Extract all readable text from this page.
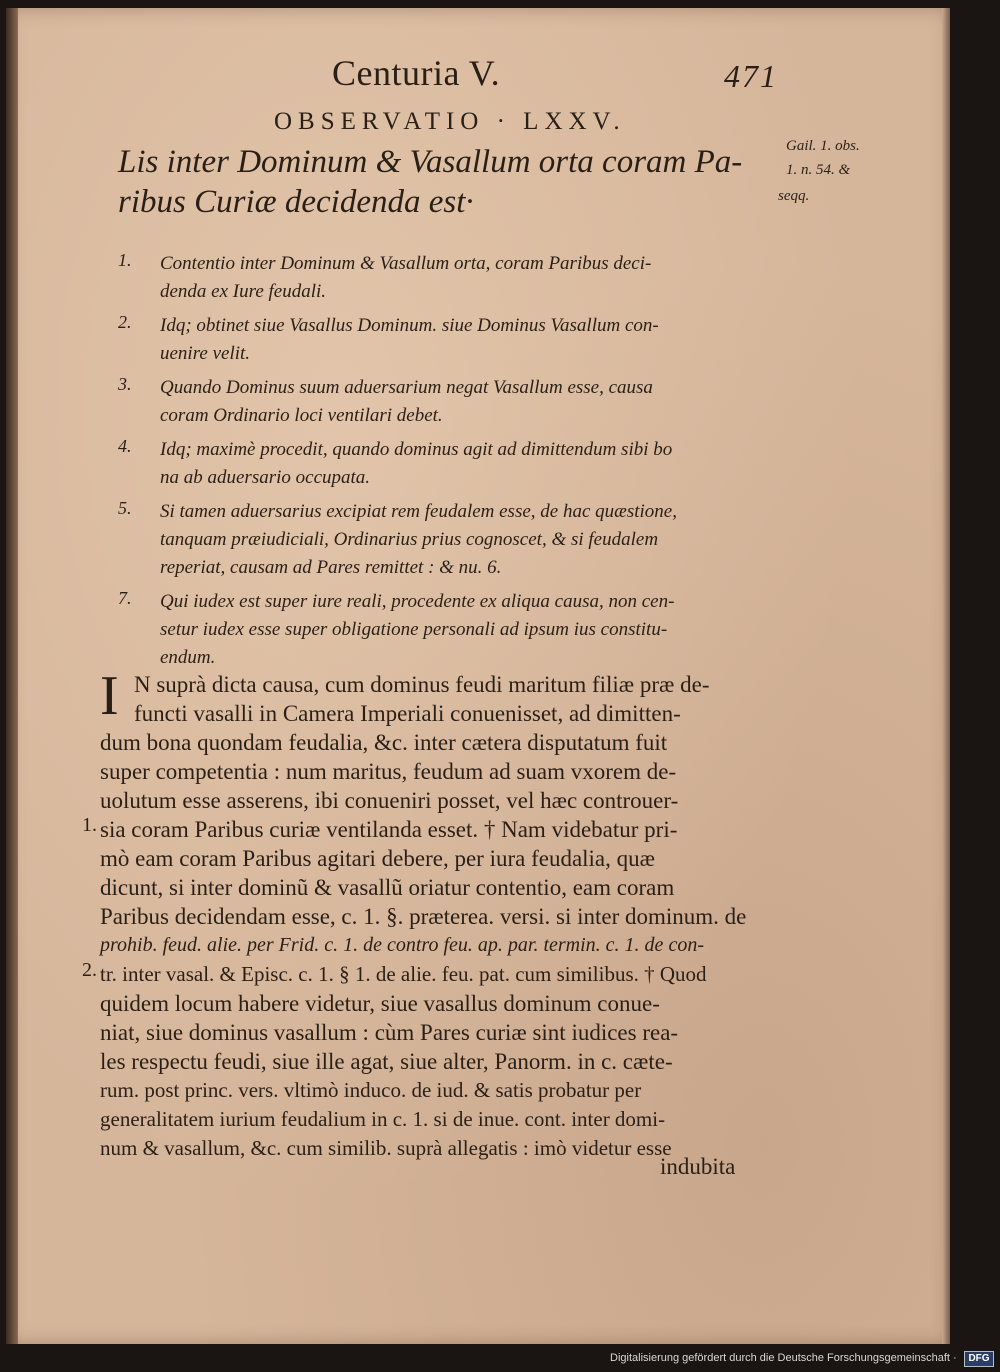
Centuria V.	471
OBSERVATIO · LXXV.
Lis inter Dominum & Vasallum orta coram Pa-
ribus Curiæ decidenda est·
Gail. 1. obs.
1. n. 54. &
seqq.
1. Contentio inter Dominum & Vasallum orta, coram Paribus deci-
denda ex Iure feudali.
2. Idq; obtinet siue Vasallus Dominum. siue Dominus Vasallum con-
uenire velit.
3. Quando Dominus suum aduersarium negat Vasallum esse, causa
coram Ordinario loci ventilari debet.
4. Idq; maximè procedit, quando dominus agit ad dimittendum sibi bo
na ab aduersario occupata.
5. Si tamen aduersarius excipiat rem feudalem esse, de hac quæstione,
tanquam præiudiciali, Ordinarius prius cognoscet, & si feudalem
reperiat, causam ad Pares remittet : & nu. 6.
7. Qui iudex est super iure reali, procedente ex aliqua causa, non cen-
setur iudex esse super obligatione personali ad ipsum ius constitu-
endum.
I
1.
2.
N suprà dicta causa, cum dominus feudi maritum filiæ præ de-
functi vasalli in Camera Imperiali conuenisset, ad dimitten-
dum bona quondam feudalia, &c. inter cætera disputatum fuit
super competentia : num maritus, feudum ad suam vxorem de-
uolutum esse asserens, ibi conueniri posset, vel hæc controuer-
sia coram Paribus curiæ ventilanda esset. † Nam videbatur pri-
mò eam coram Paribus agitari debere, per iura feudalia, quæ
dicunt, si inter dominũ & vasallũ oriatur contentio, eam coram
Paribus decidendam esse, c. 1. §. præterea. versi. si inter dominum. de
prohib. feud. alie. per Frid. c. 1. de contro feu. ap. par. termin. c. 1. de con-
tr. inter vasal. & Episc. c. 1. § 1. de alie. feu. pat. cum similibus. † Quod
quidem locum habere videtur, siue vasallus dominum conue-
niat, siue dominus vasallum : cùm Pares curiæ sint iudices rea-
les respectu feudi, siue ille agat, siue alter, Panorm. in c. cæte-
rum. post princ. vers. vltimò induco. de iud. & satis probatur per
generalitatem iurium feudalium in c. 1. si de inue. cont. inter domi-
num & vasallum, &c. cum similib. suprà allegatis : imò videtur esse
indubita
Digitalisierung gefördert durch die Deutsche Forschungsgemeinschaft ·	DFG
